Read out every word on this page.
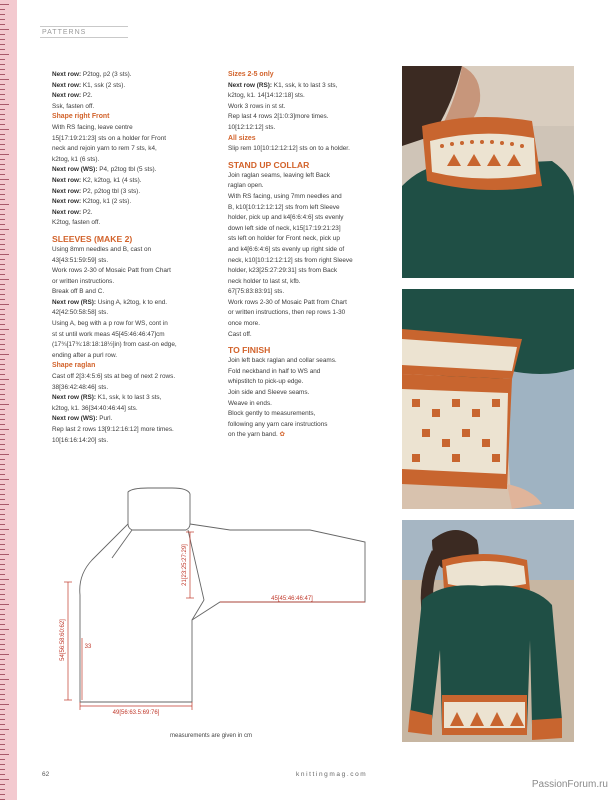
PATTERNS

Next row: P2tog, p2 (3 sts).

Next row: K1, ssk (2 sts).

Next row: P2.

Ssk, fasten off.

Shape right Front

With RS facing, leave centre

15[17:19:21:23] sts on a holder for Front

neck and rejoin yarn to rem 7 sts, k4,

k2tog, k1 (6 sts).

Next row (WS): P4, p2tog tbl (5 sts).

Next row: K2, k2tog, k1 (4 sts).

Next row: P2, p2tog tbl (3 sts).

Next row: K2tog, k1 (2 sts).

Next row: P2.

K2tog, fasten off.

SLEEVES (MAKE 2)

Using 8mm needles and B, cast on

43[43:51:59:59] sts.

Work rows 2-30 of Mosaic Patt from Chart

or written instructions.

Break off B and C.

Next row (RS): Using A, k2tog, k to end.

42[42:50:58:58] sts.

Using A, beg with a p row for WS, cont in

st st until work meas 45[45:46:46:47]cm

(17¾[17¾:18:18:18½]in) from cast-on edge,

ending after a purl row.

Shape raglan

Cast off 2[3:4:5:6] sts at beg of next 2 rows.

38[36:42:48:46] sts.

Next row (RS): K1, ssk, k to last 3 sts,

k2tog, k1. 36[34:40:46:44] sts.

Next row (WS): Purl.

Rep last 2 rows 13[9:12:16:12] more times.

10[16:16:14:20] sts.

Sizes 2-5 only

Next row (RS): K1, ssk, k to last 3 sts,

k2tog, k1. 14[14:12:18] sts.

Work 3 rows in st st.

Rep last 4 rows 2[1:0:3]more times.

10[12:12:12] sts.

All sizes

Slip rem 10[10:12:12:12] sts on to a holder.

STAND UP COLLAR

Join raglan seams, leaving left Back

raglan open.

With RS facing, using 7mm needles and

B, k10[10:12:12:12] sts from left Sleeve

holder, pick up and k4[6:6:4:6] sts evenly

down left side of neck, k15[17:19:21:23]

sts left on holder for Front neck, pick up

and k4[6:6:4:6] sts evenly up right side of

neck, k10[10:12:12:12] sts from right Sleeve

holder, k23[25:27:29:31] sts from Back

neck holder to last st, kfb.

67[75:83:83:91] sts.

Work rows 2-30 of Mosaic Patt from Chart

or written instructions, then rep rows 1-30

once more.

Cast off.

TO FINISH

Join left back raglan and collar seams.

Fold neckband in half to WS and

whipstitch to pick-up edge.

Join side and Sleeve seams.

Weave in ends.

Block gently to measurements,

following any yarn care instructions

on the yarn band. ✿

21[23:25:27:29]
54[56:58:60:62]	33
45[45:46:46:47]
49[56:63.5:69:76]
measurements are given in cm
62	knittingmag.com
PassionForum.ru
